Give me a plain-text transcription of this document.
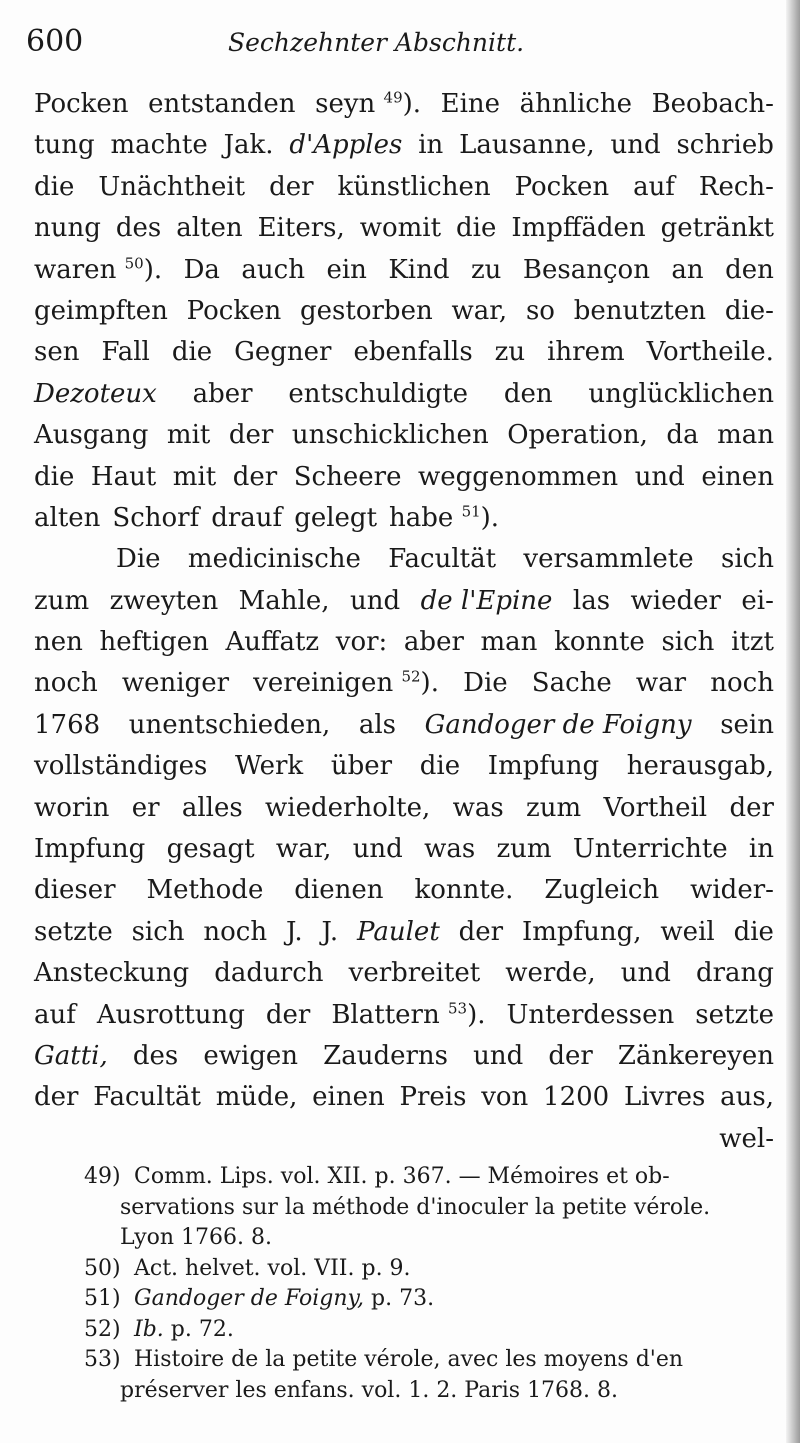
600	Sechzehnter Abschnitt.
Pocken entstanden seyn $^{49}$). Eine ähnliche Beobach-
tung machte Jak. d'Apples in Lausanne, und schrieb
die Unächtheit der künstlichen Pocken auf Rech-
nung des alten Eiters, womit die Impffäden getränkt
waren $^{50}$). Da auch ein Kind zu Besançon an den
geimpften Pocken gestorben war, so benutzten die-
sen Fall die Gegner ebenfalls zu ihrem Vortheile.
Dezoteux aber entschuldigte den unglücklichen
Ausgang mit der unschicklichen Operation, da man
die Haut mit der Scheere weggenommen und einen
alten Schorf drauf gelegt habe $^{51}$).
Die medicinische Facultät versammlete sich
zum zweyten Mahle, und de l'Epine las wieder ei-
nen heftigen Auffatz vor: aber man konnte sich itzt
noch weniger vereinigen $^{52}$). Die Sache war noch
1768 unentschieden, als Gandoger de Foigny sein
vollständiges Werk über die Impfung herausgab,
worin er alles wiederholte, was zum Vortheil der
Impfung gesagt war, und was zum Unterrichte in
dieser Methode dienen konnte. Zugleich wider-
setzte sich noch J. J. Paulet der Impfung, weil die
Ansteckung dadurch verbreitet werde, und drang
auf Ausrottung der Blattern $^{53}$). Unterdessen setzte
Gatti, des ewigen Zauderns und der Zänkereyen
der Facultät müde, einen Preis von 1200 Livres aus,
wel-
49) Comm. Lips. vol. XII. p. 367. — Mémoires et ob-
servations sur la méthode d'inoculer la petite vérole.
Lyon 1766. 8.
50) Act. helvet. vol. VII. p. 9.
51) Gandoger de Foigny, p. 73.
52) Ib. p. 72.
53) Histoire de la petite vérole, avec les moyens d'en
préserver les enfans. vol. 1. 2. Paris 1768. 8.
